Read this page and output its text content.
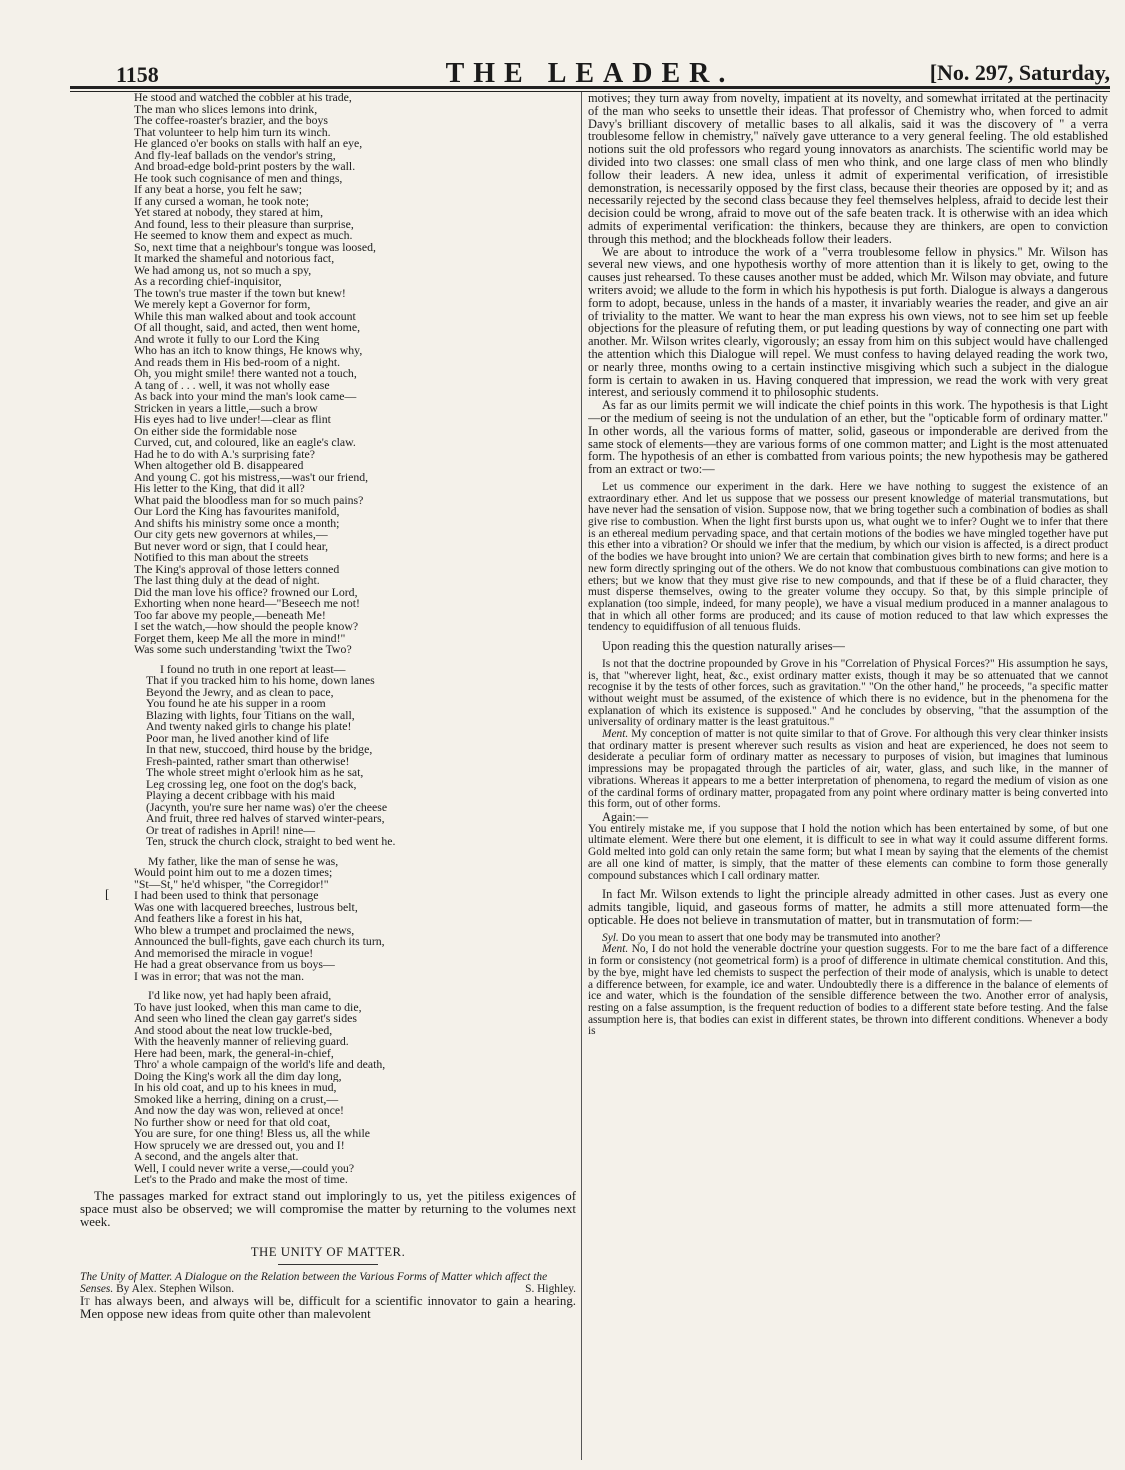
1158	THE LEADER.	[No. 297, Saturday,
[
He stood and watched the cobbler at his trade,
The man who slices lemons into drink,
The coffee-roaster's brazier, and the boys
That volunteer to help him turn its winch.
He glanced o'er books on stalls with half an eye,
And fly-leaf ballads on the vendor's string,
And broad-edge bold-print posters by the wall.
He took such cognisance of men and things,
If any beat a horse, you felt he saw;
If any cursed a woman, he took note;
Yet stared at nobody, they stared at him,
And found, less to their pleasure than surprise,
He seemed to know them and expect as much.
So, next time that a neighbour's tongue was loosed,
It marked the shameful and notorious fact,
We had among us, not so much a spy,
As a recording chief-inquisitor,
The town's true master if the town but knew!
We merely kept a Governor for form,
While this man walked about and took account
Of all thought, said, and acted, then went home,
And wrote it fully to our Lord the King
Who has an itch to know things, He knows why,
And reads them in His bed-room of a night.
Oh, you might smile! there wanted not a touch,
A tang of . . . well, it was not wholly ease
As back into your mind the man's look came—
Stricken in years a little,—such a brow
His eyes had to live under!—clear as flint
On either side the formidable nose
Curved, cut, and coloured, like an eagle's claw.
Had he to do with A.'s surprising fate?
When altogether old B. disappeared
And young C. got his mistress,—was't our friend,
His letter to the King, that did it all?
What paid the bloodless man for so much pains?
Our Lord the King has favourites manifold,
And shifts his ministry some once a month;
Our city gets new governors at whiles,—
But never word or sign, that I could hear,
Notified to this man about the streets
The King's approval of those letters conned
The last thing duly at the dead of night.
Did the man love his office? frowned our Lord,
Exhorting when none heard—"Beseech me not!
Too far above my people,—beneath Me!
I set the watch,—how should the people know?
Forget them, keep Me all the more in mind!"
Was some such understanding 'twixt the Two?
I found no truth in one report at least—
That if you tracked him to his home, down lanes
Beyond the Jewry, and as clean to pace,
You found he ate his supper in a room
Blazing with lights, four Titians on the wall,
And twenty naked girls to change his plate!
Poor man, he lived another kind of life
In that new, stuccoed, third house by the bridge,
Fresh-painted, rather smart than otherwise!
The whole street might o'erlook him as he sat,
Leg crossing leg, one foot on the dog's back,
Playing a decent cribbage with his maid
(Jacynth, you're sure her name was) o'er the cheese
And fruit, three red halves of starved winter-pears,
Or treat of radishes in April! nine—
Ten, struck the church clock, straight to bed went he.
My father, like the man of sense he was,
Would point him out to me a dozen times;
"St—St," he'd whisper, "the Corregidor!"
I had been used to think that personage
Was one with lacquered breeches, lustrous belt,
And feathers like a forest in his hat,
Who blew a trumpet and proclaimed the news,
Announced the bull-fights, gave each church its turn,
And memorised the miracle in vogue!
He had a great observance from us boys—
I was in error; that was not the man.
I'd like now, yet had haply been afraid,
To have just looked, when this man came to die,
And seen who lined the clean gay garret's sides
And stood about the neat low truckle-bed,
With the heavenly manner of relieving guard.
Here had been, mark, the general-in-chief,
Thro' a whole campaign of the world's life and death,
Doing the King's work all the dim day long,
In his old coat, and up to his knees in mud,
Smoked like a herring, dining on a crust,—
And now the day was won, relieved at once!
No further show or need for that old coat,
You are sure, for one thing! Bless us, all the while
How sprucely we are dressed out, you and I!
A second, and the angels alter that.
Well, I could never write a verse,—could you?
Let's to the Prado and make the most of time.

The passages marked for extract stand out imploringly to us, yet the pitiless exigences of space must also be observed; we will compromise the matter by returning to the volumes next week.

THE UNITY OF MATTER.

The Unity of Matter. A Dialogue on the Relation between the Various Forms of Matter which affect the Senses. By Alex. Stephen Wilson.	S. Highley.

It has always been, and always will be, difficult for a scientific innovator to gain a hearing. Men oppose new ideas from quite other than malevolent

motives; they turn away from novelty, impatient at its novelty, and somewhat irritated at the pertinacity of the man who seeks to unsettle their ideas. That professor of Chemistry who, when forced to admit Davy's brilliant discovery of metallic bases to all alkalis, said it was the discovery of " a verra troublesome fellow in chemistry," naïvely gave utterance to a very general feeling. The old established notions suit the old professors who regard young innovators as anarchists. The scientific world may be divided into two classes: one small class of men who think, and one large class of men who blindly follow their leaders. A new idea, unless it admit of experimental verification, of irresistible demonstration, is necessarily opposed by the first class, because their theories are opposed by it; and as necessarily rejected by the second class because they feel themselves helpless, afraid to decide lest their decision could be wrong, afraid to move out of the safe beaten track. It is otherwise with an idea which admits of experimental verification: the thinkers, because they are thinkers, are open to conviction through this method; and the blockheads follow their leaders.

We are about to introduce the work of a "verra troublesome fellow in physics." Mr. Wilson has several new views, and one hypothesis worthy of more attention than it is likely to get, owing to the causes just rehearsed. To these causes another must be added, which Mr. Wilson may obviate, and future writers avoid; we allude to the form in which his hypothesis is put forth. Dialogue is always a dangerous form to adopt, because, unless in the hands of a master, it invariably wearies the reader, and give an air of triviality to the matter. We want to hear the man express his own views, not to see him set up feeble objections for the pleasure of refuting them, or put leading questions by way of connecting one part with another. Mr. Wilson writes clearly, vigorously; an essay from him on this subject would have challenged the attention which this Dialogue will repel. We must confess to having delayed reading the work two, or nearly three, months owing to a certain instinctive misgiving which such a subject in the dialogue form is certain to awaken in us. Having conquered that impression, we read the work with very great interest, and seriously commend it to philosophic students.

As far as our limits permit we will indicate the chief points in this work. The hypothesis is that Light—or the medium of seeing is not the undulation of an ether, but the "opticable form of ordinary matter." In other words, all the various forms of matter, solid, gaseous or imponderable are derived from the same stock of elements—they are various forms of one common matter; and Light is the most attenuated form. The hypothesis of an ether is combatted from various points; the new hypothesis may be gathered from an extract or two:—

Let us commence our experiment in the dark. Here we have nothing to suggest the existence of an extraordinary ether. And let us suppose that we possess our present knowledge of material transmutations, but have never had the sensation of vision. Suppose now, that we bring together such a combination of bodies as shall give rise to combustion. When the light first bursts upon us, what ought we to infer? Ought we to infer that there is an ethereal medium pervading space, and that certain motions of the bodies we have mingled together have put this ether into a vibration? Or should we infer that the medium, by which our vision is affected, is a direct product of the bodies we have brought into union? We are certain that combination gives birth to new forms; and here is a new form directly springing out of the others. We do not know that combustuous combinations can give motion to ethers; but we know that they must give rise to new compounds, and that if these be of a fluid character, they must disperse themselves, owing to the greater volume they occupy. So that, by this simple principle of explanation (too simple, indeed, for many people), we have a visual medium produced in a manner analagous to that in which all other forms are produced; and its cause of motion reduced to that law which expresses the tendency to equidiffusion of all tenuous fluids.

Upon reading this the question naturally arises—

Is not that the doctrine propounded by Grove in his "Correlation of Physical Forces?" His assumption he says, is, that "wherever light, heat, &c., exist ordinary matter exists, though it may be so attenuated that we cannot recognise it by the tests of other forces, such as gravitation." "On the other hand," he proceeds, "a specific matter without weight must be assumed, of the existence of which there is no evidence, but in the phenomena for the explanation of which its existence is supposed." And he concludes by observing, "that the assumption of the universality of ordinary matter is the least gratuitous."

Ment. My conception of matter is not quite similar to that of Grove. For although this very clear thinker insists that ordinary matter is present wherever such results as vision and heat are experienced, he does not seem to desiderate a peculiar form of ordinary matter as necessary to purposes of vision, but imagines that luminous impressions may be propagated through the particles of air, water, glass, and such like, in the manner of vibrations. Whereas it appears to me a better interpretation of phenomena, to regard the medium of vision as one of the cardinal forms of ordinary matter, propagated from any point where ordinary matter is being converted into this form, out of other forms.

Again:—

You entirely mistake me, if you suppose that I hold the notion which has been entertained by some, of but one ultimate element. Were there but one element, it is difficult to see in what way it could assume different forms. Gold melted into gold can only retain the same form; but what I mean by saying that the elements of the chemist are all one kind of matter, is simply, that the matter of these elements can combine to form those generally compound substances which I call ordinary matter.

In fact Mr. Wilson extends to light the principle already admitted in other cases. Just as every one admits tangible, liquid, and gaseous forms of matter, he admits a still more attenuated form—the opticable. He does not believe in transmutation of matter, but in transmutation of form:—

Syl. Do you mean to assert that one body may be transmuted into another?

Ment. No, I do not hold the venerable doctrine your question suggests. For to me the bare fact of a difference in form or consistency (not geometrical form) is a proof of difference in ultimate chemical constitution. And this, by the bye, might have led chemists to suspect the perfection of their mode of analysis, which is unable to detect a difference between, for example, ice and water. Undoubtedly there is a difference in the balance of elements of ice and water, which is the foundation of the sensible difference between the two. Another error of analysis, resting on a false assumption, is the frequent reduction of bodies to a different state before testing. And the false assumption here is, that bodies can exist in different states, be thrown into different conditions. Whenever a body is
